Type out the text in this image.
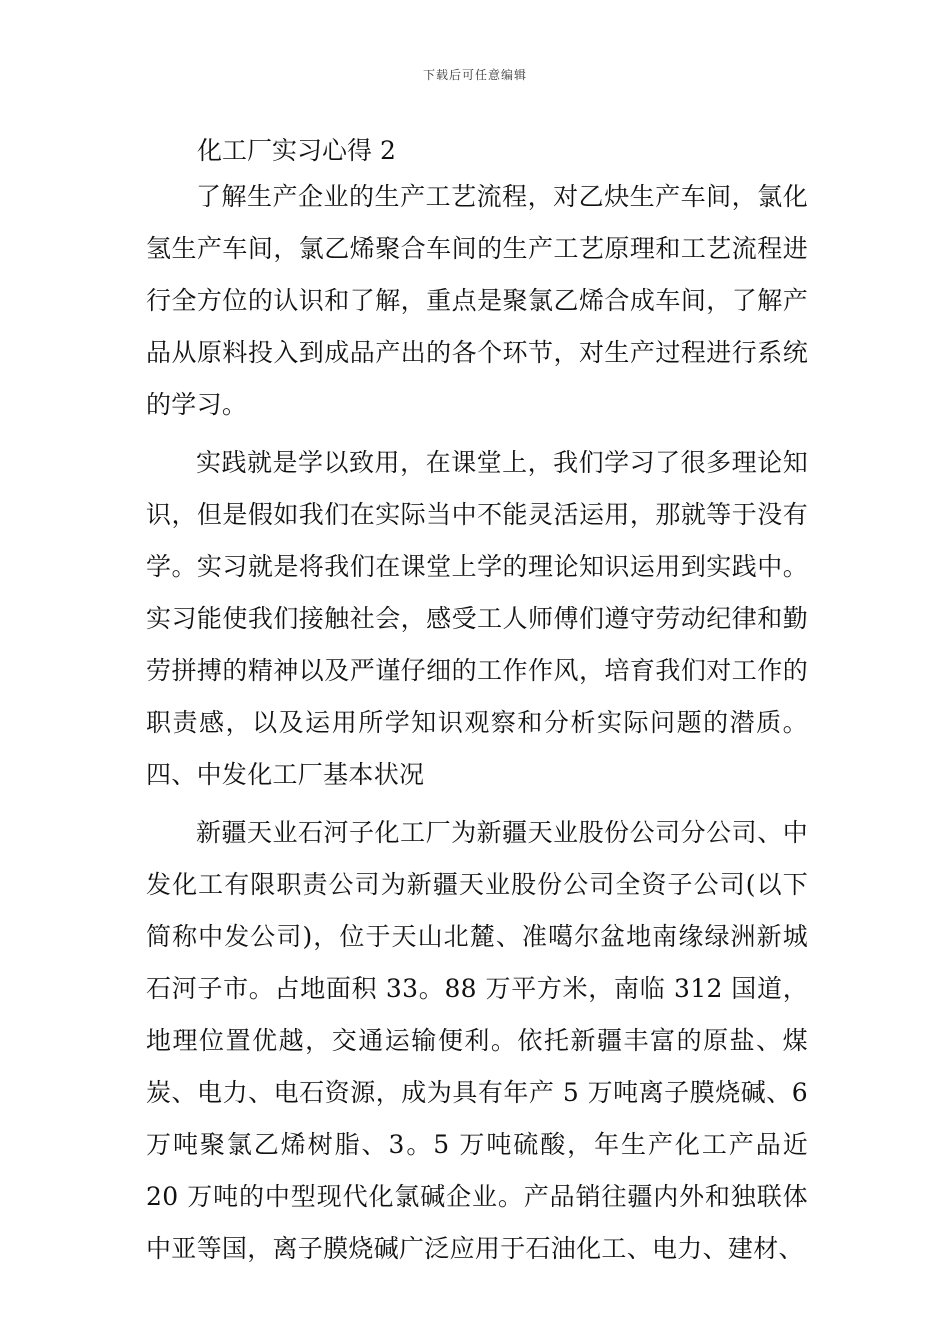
下载后可任意编辑
化工厂实习心得 2

了解生产企业的生产工艺流程，对乙炔生产车间，氯化氢生产车间，氯乙烯聚合车间的生产工艺原理和工艺流程进行全方位的认识和了解，重点是聚氯乙烯合成车间，了解产品从原料投入到成品产出的各个环节，对生产过程进行系统的学习。

实践就是学以致用，在课堂上，我们学习了很多理论知识，但是假如我们在实际当中不能灵活运用，那就等于没有学。实习就是将我们在课堂上学的理论知识运用到实践中。实习能使我们接触社会，感受工人师傅们遵守劳动纪律和勤劳拼搏的精神以及严谨仔细的工作作风，培育我们对工作的职责感，以及运用所学知识观察和分析实际问题的潜质。四、中发化工厂基本状况

新疆天业石河子化工厂为新疆天业股份公司分公司、中发化工有限职责公司为新疆天业股份公司全资子公司(以下简称中发公司)，位于天山北麓、准噶尔盆地南缘绿洲新城石河子市。占地面积 33。88 万平方米，南临 312 国道，地理位置优越，交通运输便利。依托新疆丰富的原盐、煤炭、电力、电石资源，成为具有年产 5 万吨离子膜烧碱、6 万吨聚氯乙烯树脂、3。5 万吨硫酸，年生产化工产品近 20 万吨的中型现代化氯碱企业。产品销往疆内外和独联体中亚等国，离子膜烧碱广泛应用于石油化工、电力、建材、
